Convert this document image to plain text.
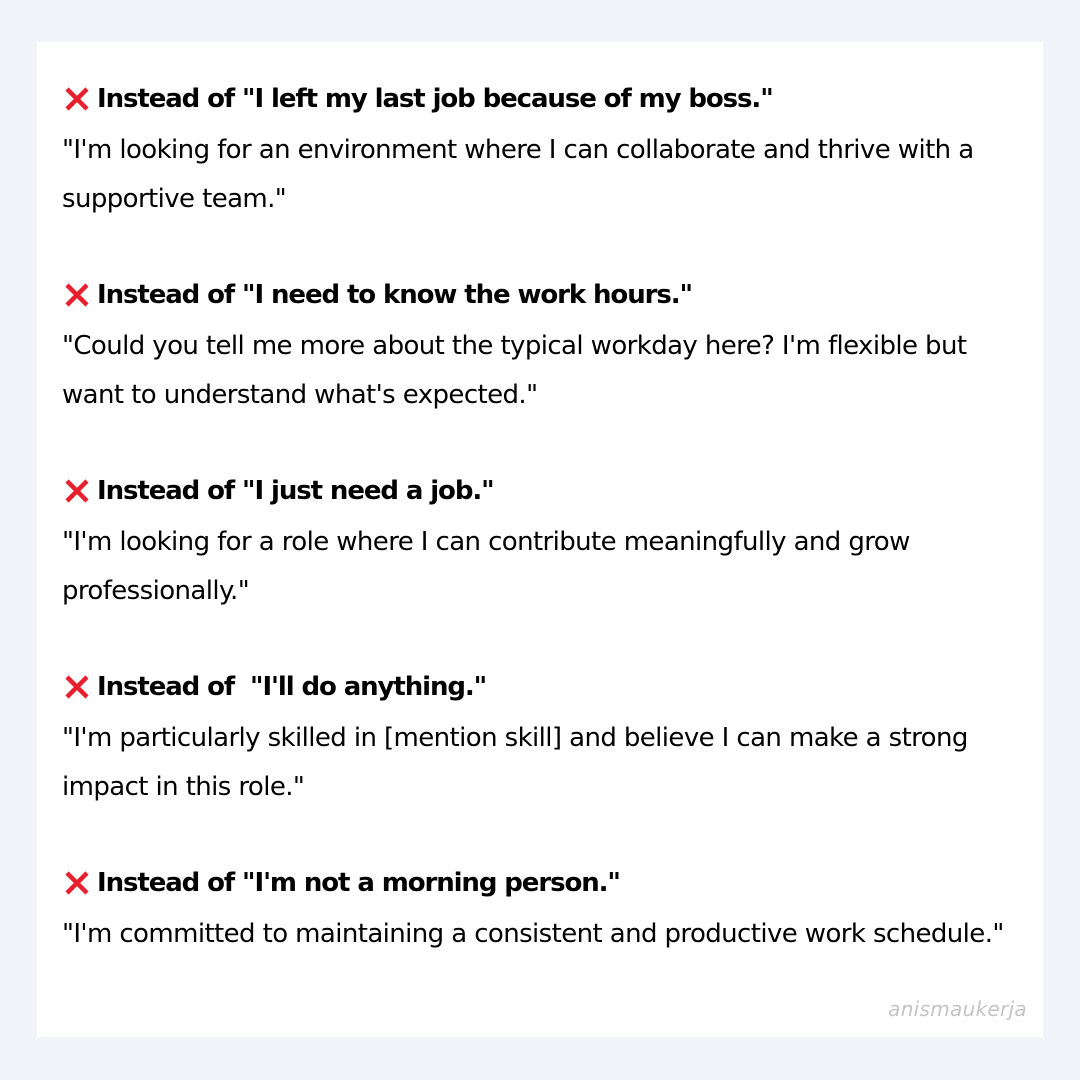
Instead of "I left my last job because of my boss."
"I'm looking for an environment where I can collaborate and thrive with a supportive team."
Instead of "I need to know the work hours."
"Could you tell me more about the typical workday here? I'm flexible but want to understand what's expected."
Instead of "I just need a job."
"I'm looking for a role where I can contribute meaningfully and grow professionally."
Instead of  "I'll do anything."
"I'm particularly skilled in [mention skill] and believe I can make a strong impact in this role."
Instead of "I'm not a morning person."
"I'm committed to maintaining a consistent and productive work schedule."
anismaukerja
